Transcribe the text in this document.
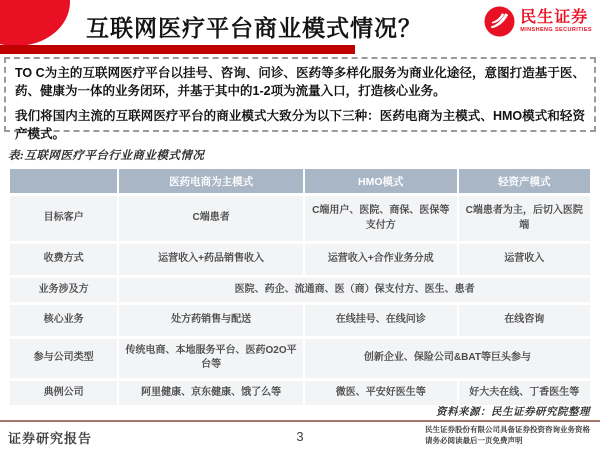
互联网医疗平台商业模式情况？	民生证券
MINSHENG SECURITIES

TO C为主的互联网医疗平台以挂号、咨询、问诊、医药等多样化服务为商业化途径，意图打造基于医、药、健康为一体的业务闭环，并基于其中的1-2项为流量入口，打造核心业务。

我们将国内主流的互联网医疗平台的商业模式大致分为以下三种：医药电商为主模式、HMO模式和轻资产模式。

表:互联网医疗平台行业商业模式情况
	医药电商为主模式	HMO模式	轻资产模式
目标客户	C端患者	C端用户、医院、商保、医保等支付方	C端患者为主，后切入医院端
收费方式	运营收入+药品销售收入	运营收入+合作业务分成	运营收入
业务涉及方	医院、药企、流通商、医（商）保支付方、医生、患者		
核心业务	处方药销售与配送	在线挂号、在线问诊	在线咨询
参与公司类型	传统电商、本地服务平台、医药O2O平台等	创新企业、保险公司&BAT等巨头参与	
典例公司	阿里健康、京东健康、饿了么等	微医、平安好医生等	好大夫在线、丁香医生等
资料来源：民生证券研究院整理
证券研究报告	3	民生证券股份有限公司具备证券投资咨询业务资格
请务必阅读最后一页免费声明
